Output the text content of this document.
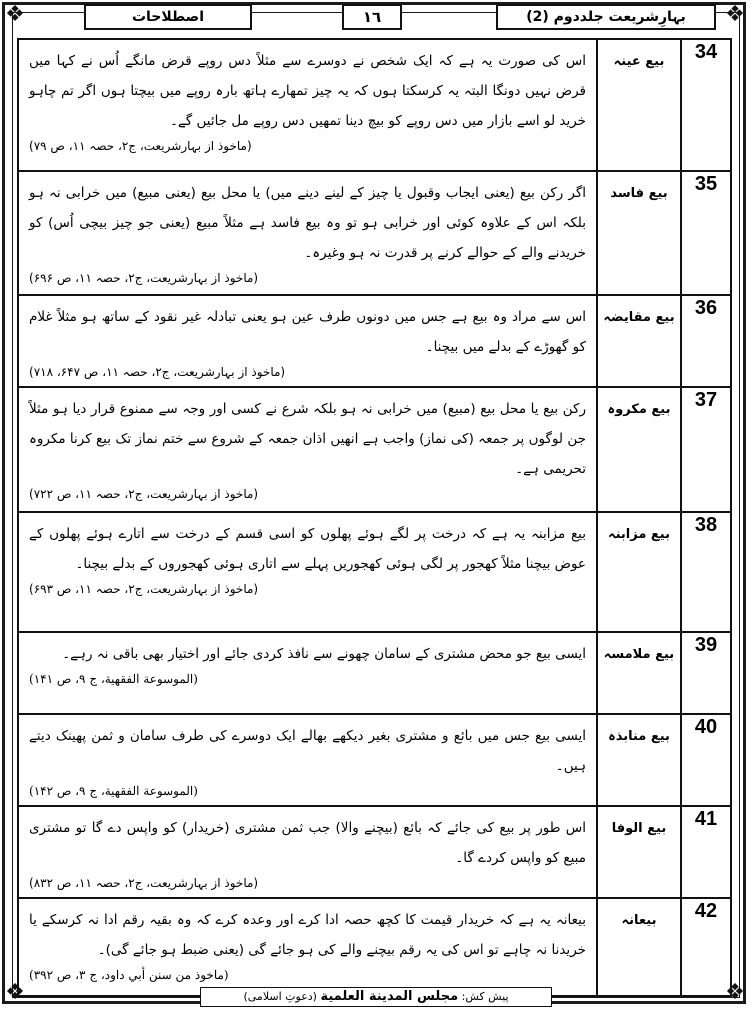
❖	❖
❖	❖
بہارِشریعت جلددوم (2)
١٦
اصطلاحات
34	بیع عینہ	اس کی صورت یہ ہے کہ ایک شخص نے دوسرے سے مثلاً دس روپے قرض مانگے اُس نے کہا میں قرض نہیں دونگا البتہ یہ کرسکتا ہوں کہ یہ چیز تمھارے ہاتھ بارہ روپے میں بیچتا ہوں اگر تم چاہو خرید لو اسے بازار میں دس روپے کو بیچ دینا تمھیں دس روپے مل جائیں گے۔
(ماخوذ از بہارشریعت، ج۲، حصہ ۱۱، ص ۷۹)

35	بیع فاسد	اگر رکن بیع (یعنی ایجاب وقبول یا چیز کے لینے دینے میں) یا محل بیع (یعنی مبیع) میں خرابی نہ ہو بلکہ اس کے علاوہ کوئی اور خرابی ہو تو وہ بیع فاسد ہے مثلاً مبیع (یعنی جو چیز بیچی اُس) کو خریدنے والے کے حوالے کرنے پر قدرت نہ ہو وغیرہ۔
(ماخوذ از بہارشریعت، ج۲، حصہ ۱۱، ص ۶۹۶)

36	بیع مقایضہ	اس سے مراد وہ بیع ہے جس میں دونوں طرف عین ہو یعنی تبادلہ غیر نقود کے ساتھ ہو مثلاً غلام کو گھوڑے کے بدلے میں بیچنا۔
(ماخوذ از بہارشریعت، ج۲، حصہ ۱۱، ص ۶۴۷، ۷۱۸)

37	بیع مکروہ	رکن بیع یا محل بیع (مبیع) میں خرابی نہ ہو بلکہ شرع نے کسی اور وجہ سے ممنوع قرار دیا ہو مثلاً جن لوگوں پر جمعہ (کی نماز) واجب ہے انھیں اذان جمعہ کے شروع سے ختم نماز تک بیع کرنا مکروہ تحریمی ہے۔
(ماخوذ از بہارشریعت، ج۲، حصہ ۱۱، ص ۷۲۲)

38	بیع مزابنہ	بیع مزابنہ یہ ہے کہ درخت پر لگے ہوئے پھلوں کو اسی قسم کے درخت سے اتارے ہوئے پھلوں کے عوض بیچنا مثلاً کھجور پر لگی ہوئی کھجوریں پہلے سے اتاری ہوئی کھجوروں کے بدلے بیچنا۔
(ماخوذ از بہارشریعت، ج۲، حصہ ۱۱، ص ۶۹۳)

39	بیع ملامسہ	ایسی بیع جو محض مشتری کے سامان چھونے سے نافذ کردی جائے اور اختیار بھی باقی نہ رہے۔
(الموسوعة الفقهية، ج ۹، ص ۱۴۱)

40	بیع منابذہ	ایسی بیع جس میں بائع و مشتری بغیر دیکھے بھالے ایک دوسرے کی طرف سامان و ثمن پھینک دیتے ہیں۔
(الموسوعة الفقهية، ج ۹، ص ۱۴۲)

41	بیع الوفا	اس طور پر بیع کی جائے کہ بائع (بیچنے والا) جب ثمن مشتری (خریدار) کو واپس دے گا تو مشتری مبیع کو واپس کردے گا۔
(ماخوذ از بہارشریعت، ج۲، حصہ ۱۱، ص ۸۳۲)

42	بیعانہ	بیعانہ یہ ہے کہ خریدار قیمت کا کچھ حصہ ادا کرے اور وعدہ کرے کہ وہ بقیہ رقم ادا نہ کرسکے یا خریدنا نہ چاہے تو اس کی یہ رقم بیچنے والے کی ہو جائے گی (یعنی ضبط ہو جائے گی)۔
(ماخوذ من سنن أبي داود، ج ۳، ص ۳۹۲)
پیش کش: مجلس المدینة العلمیة (دعوتِ اسلامی)
